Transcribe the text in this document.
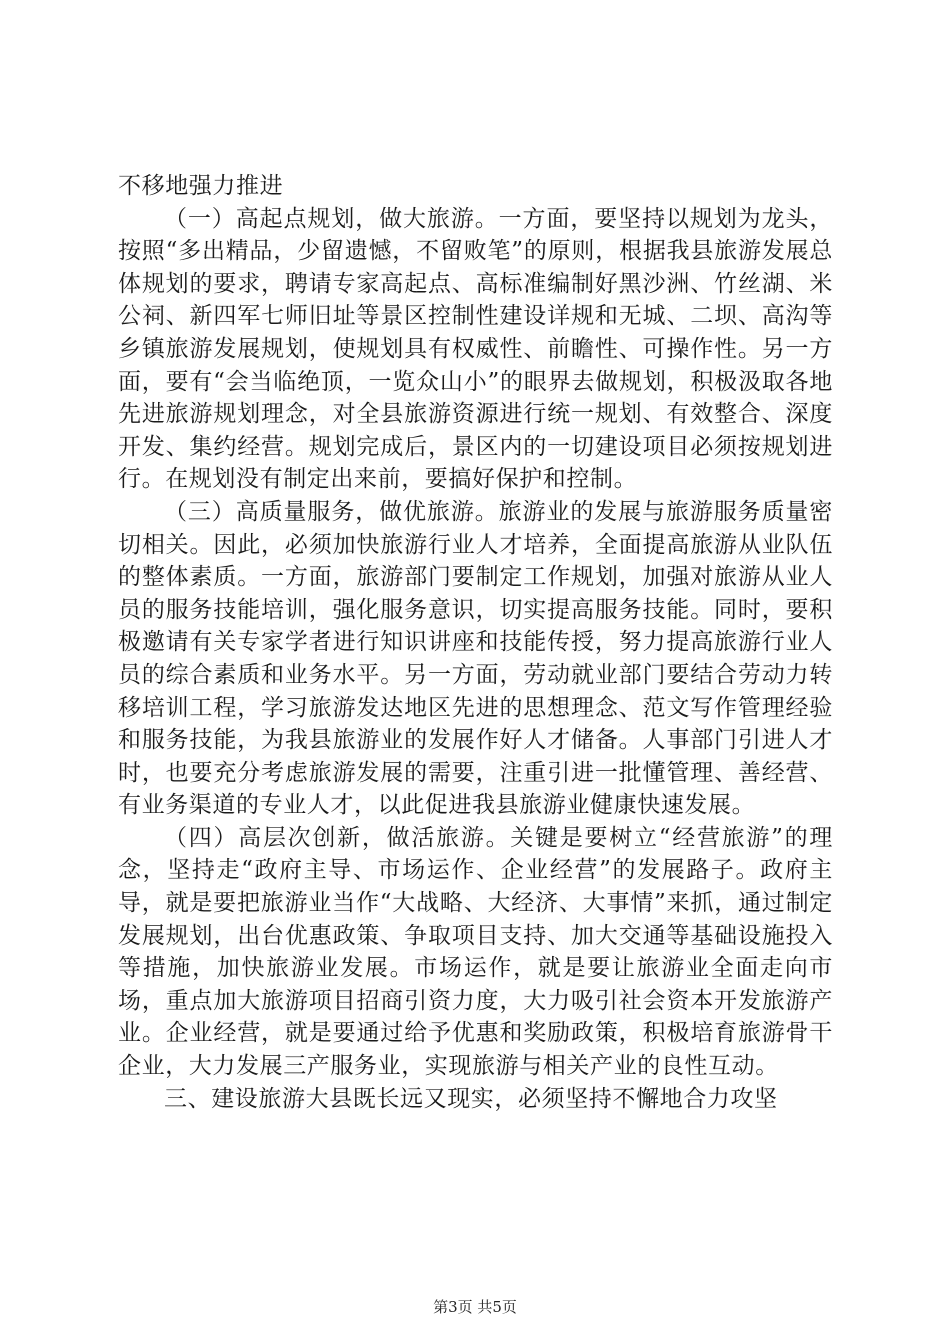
不移地强力推进

（一）高起点规划，做大旅游。一方面，要坚持以规划为龙头，按照“多出精品，少留遗憾，不留败笔”的原则，根据我县旅游发展总体规划的要求，聘请专家高起点、高标准编制好黑沙洲、竹丝湖、米公祠、新四军七师旧址等景区控制性建设详规和无城、二坝、高沟等乡镇旅游发展规划，使规划具有权威性、前瞻性、可操作性。另一方面，要有“会当临绝顶，一览众山小”的眼界去做规划，积极汲取各地先进旅游规划理念，对全县旅游资源进行统一规划、有效整合、深度开发、集约经营。规划完成后，景区内的一切建设项目必须按规划进行。在规划没有制定出来前，要搞好保护和控制。

（三）高质量服务，做优旅游。旅游业的发展与旅游服务质量密切相关。因此，必须加快旅游行业人才培养，全面提高旅游从业队伍的整体素质。一方面，旅游部门要制定工作规划，加强对旅游从业人员的服务技能培训，强化服务意识，切实提高服务技能。同时，要积极邀请有关专家学者进行知识讲座和技能传授，努力提高旅游行业人员的综合素质和业务水平。另一方面，劳动就业部门要结合劳动力转移培训工程，学习旅游发达地区先进的思想理念、范文写作管理经验和服务技能，为我县旅游业的发展作好人才储备。人事部门引进人才时，也要充分考虑旅游发展的需要，注重引进一批懂管理、善经营、有业务渠道的专业人才，以此促进我县旅游业健康快速发展。

（四）高层次创新，做活旅游。关键是要树立“经营旅游”的理念，坚持走“政府主导、市场运作、企业经营”的发展路子。政府主导，就是要把旅游业当作“大战略、大经济、大事情”来抓，通过制定发展规划，出台优惠政策、争取项目支持、加大交通等基础设施投入等措施，加快旅游业发展。市场运作，就是要让旅游业全面走向市场，重点加大旅游项目招商引资力度，大力吸引社会资本开发旅游产业。企业经营，就是要通过给予优惠和奖励政策，积极培育旅游骨干企业，大力发展三产服务业，实现旅游与相关产业的良性互动。

三、建设旅游大县既长远又现实，必须坚持不懈地合力攻坚

第3页 共5页
